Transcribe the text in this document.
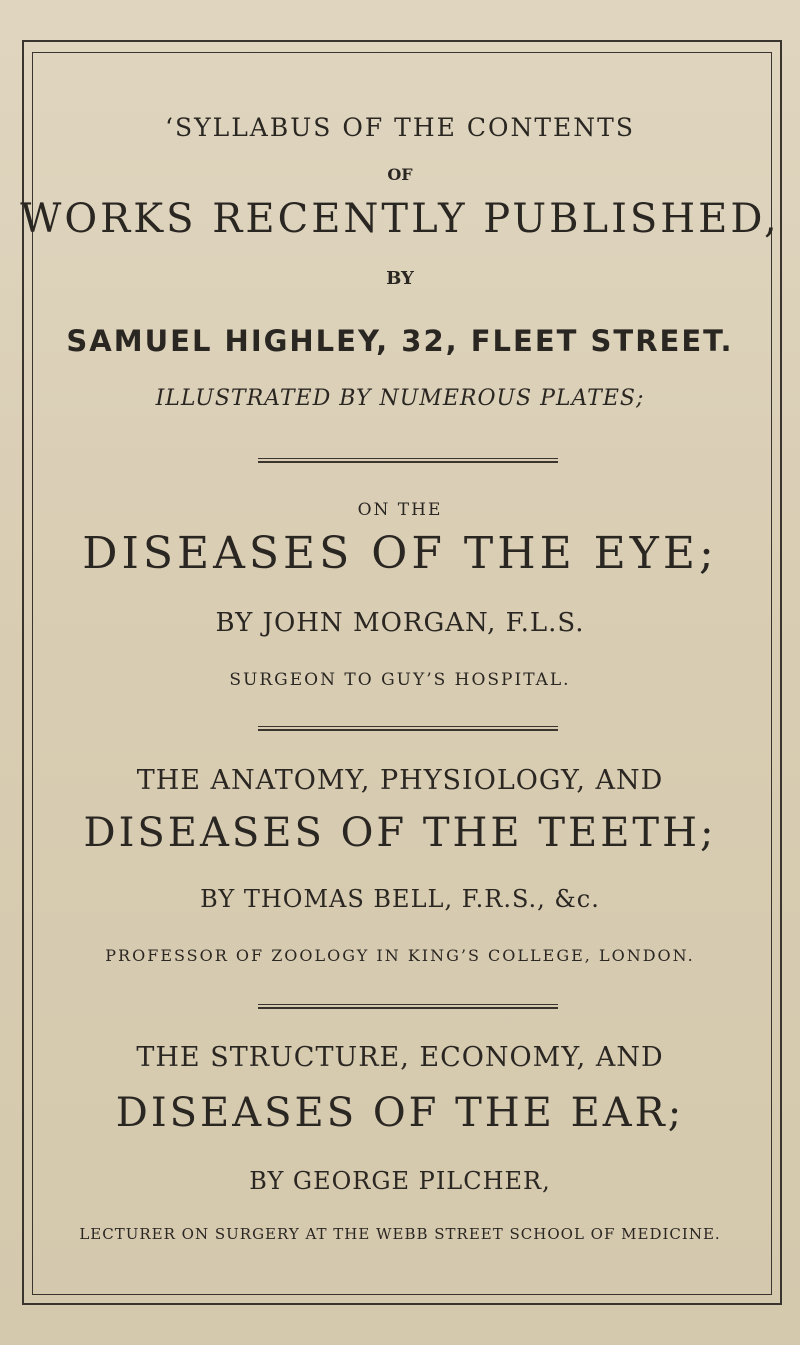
‘SYLLABUS OF THE CONTENTS

OF

WORKS RECENTLY PUBLISHED,

BY

SAMUEL HIGHLEY, 32, FLEET STREET.

ILLUSTRATED BY NUMEROUS PLATES;

ON THE

DISEASES OF THE EYE;

BY JOHN MORGAN, F.L.S.

SURGEON TO GUY’S HOSPITAL.

THE ANATOMY, PHYSIOLOGY, AND

DISEASES OF THE TEETH;

BY THOMAS BELL, F.R.S., &c.

PROFESSOR OF ZOOLOGY IN KING’S COLLEGE, LONDON.

THE STRUCTURE, ECONOMY, AND

DISEASES OF THE EAR;

BY GEORGE PILCHER,

LECTURER ON SURGERY AT THE WEBB STREET SCHOOL OF MEDICINE.
